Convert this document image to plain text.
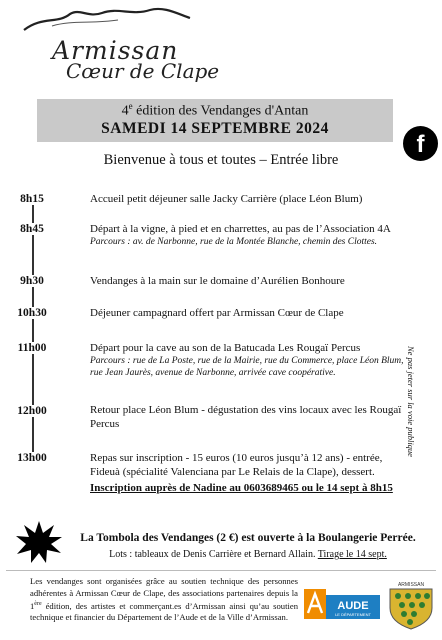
Armissan
Cœur de Clape
4e édition des Vendanges d'Antan
SAMEDI 14 SEPTEMBRE 2024
f
Bienvenue à tous et toutes – Entrée libre
8h15	Accueil petit déjeuner salle Jacky Carrière (place Léon Blum)
8h45	Départ à la vigne, à pied et en charrettes, au pas de l’Association 4A
Parcours : av. de Narbonne, rue de la Montée Blanche, chemin des Clottes.
9h30	Vendanges à la main sur le domaine d’Aurélien Bonhoure
10h30	Déjeuner campagnard offert par Armissan Cœur de Clape
11h00	Départ pour la cave au son de la Batucada Les Rougaï Percus
Parcours : rue de La Poste, rue de la Mairie, rue du Commerce, place Léon Blum, rue Jean Jaurès, avenue de Narbonne, arrivée cave coopérative.
12h00	Retour place Léon Blum - dégustation des vins locaux avec les Rougaï Percus
13h00	Repas sur inscription - 15 euros (10 euros jusqu’à 12 ans) - entrée, Fideuà (spécialité Valenciana par Le Relais de la Clape), dessert.
Inscription auprès de Nadine au 0603689465 ou le 14 sept à 8h15
Ne pas jeter sur la voie publique
La Tombola des Vendanges (2 €) est ouverte à la Boulangerie Perrée.
Lots : tableaux de Denis Carrière et Bernard Allain. Tirage le 14 sept.
Les vendanges sont organisées grâce au soutien technique des personnes adhérentes à Armissan Cœur de Clape, des associations partenaires depuis la 1ère édition, des artistes et commerçant.es d’Armissan ainsi qu’au soutien technique et financier du Département de l’Aude et de la Ville d’Armissan.
AUDE
LE DÉPARTEMENT
ARMISSAN
